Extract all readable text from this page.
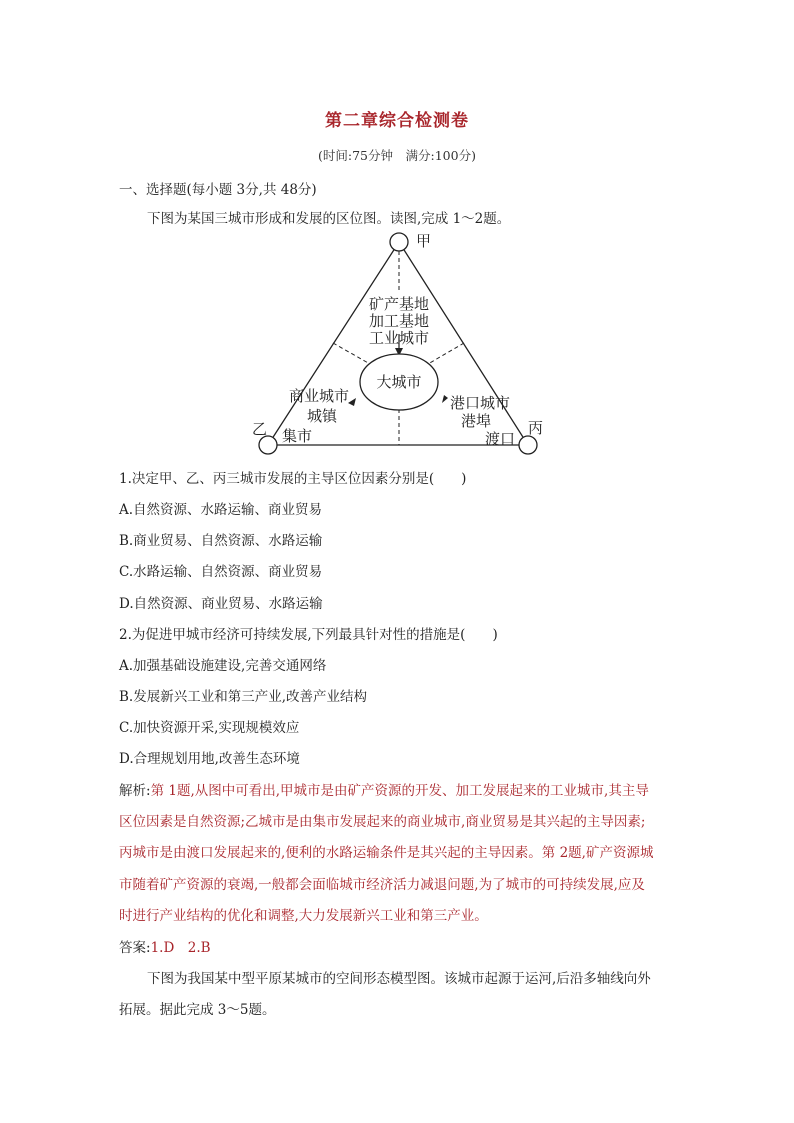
第二章综合检测卷
(时间:75分钟　满分:100分)
一、选择题(每小题 3分,共 48分)
下图为某国三城市形成和发展的区位图。读图,完成 1～2题。
大城市
甲
乙	丙
矿产基地
加工基地
工业城市
商业城市
城镇
集市
港口城市
港埠
渡口
1.决定甲、乙、丙三城市发展的主导区位因素分别是(　　)
A.自然资源、水路运输、商业贸易
B.商业贸易、自然资源、水路运输
C.水路运输、自然资源、商业贸易
D.自然资源、商业贸易、水路运输
2.为促进甲城市经济可持续发展,下列最具针对性的措施是(　　)
A.加强基础设施建设,完善交通网络
B.发展新兴工业和第三产业,改善产业结构
C.加快资源开采,实现规模效应
D.合理规划用地,改善生态环境
解析:第 1题,从图中可看出,甲城市是由矿产资源的开发、加工发展起来的工业城市,其主导
区位因素是自然资源;乙城市是由集市发展起来的商业城市,商业贸易是其兴起的主导因素;
丙城市是由渡口发展起来的,便利的水路运输条件是其兴起的主导因素。第 2题,矿产资源城
市随着矿产资源的衰竭,一般都会面临城市经济活力减退问题,为了城市的可持续发展,应及
时进行产业结构的优化和调整,大力发展新兴工业和第三产业。
答案:1.D　2.B
下图为我国某中型平原某城市的空间形态模型图。该城市起源于运河,后沿多轴线向外
拓展。据此完成 3～5题。
